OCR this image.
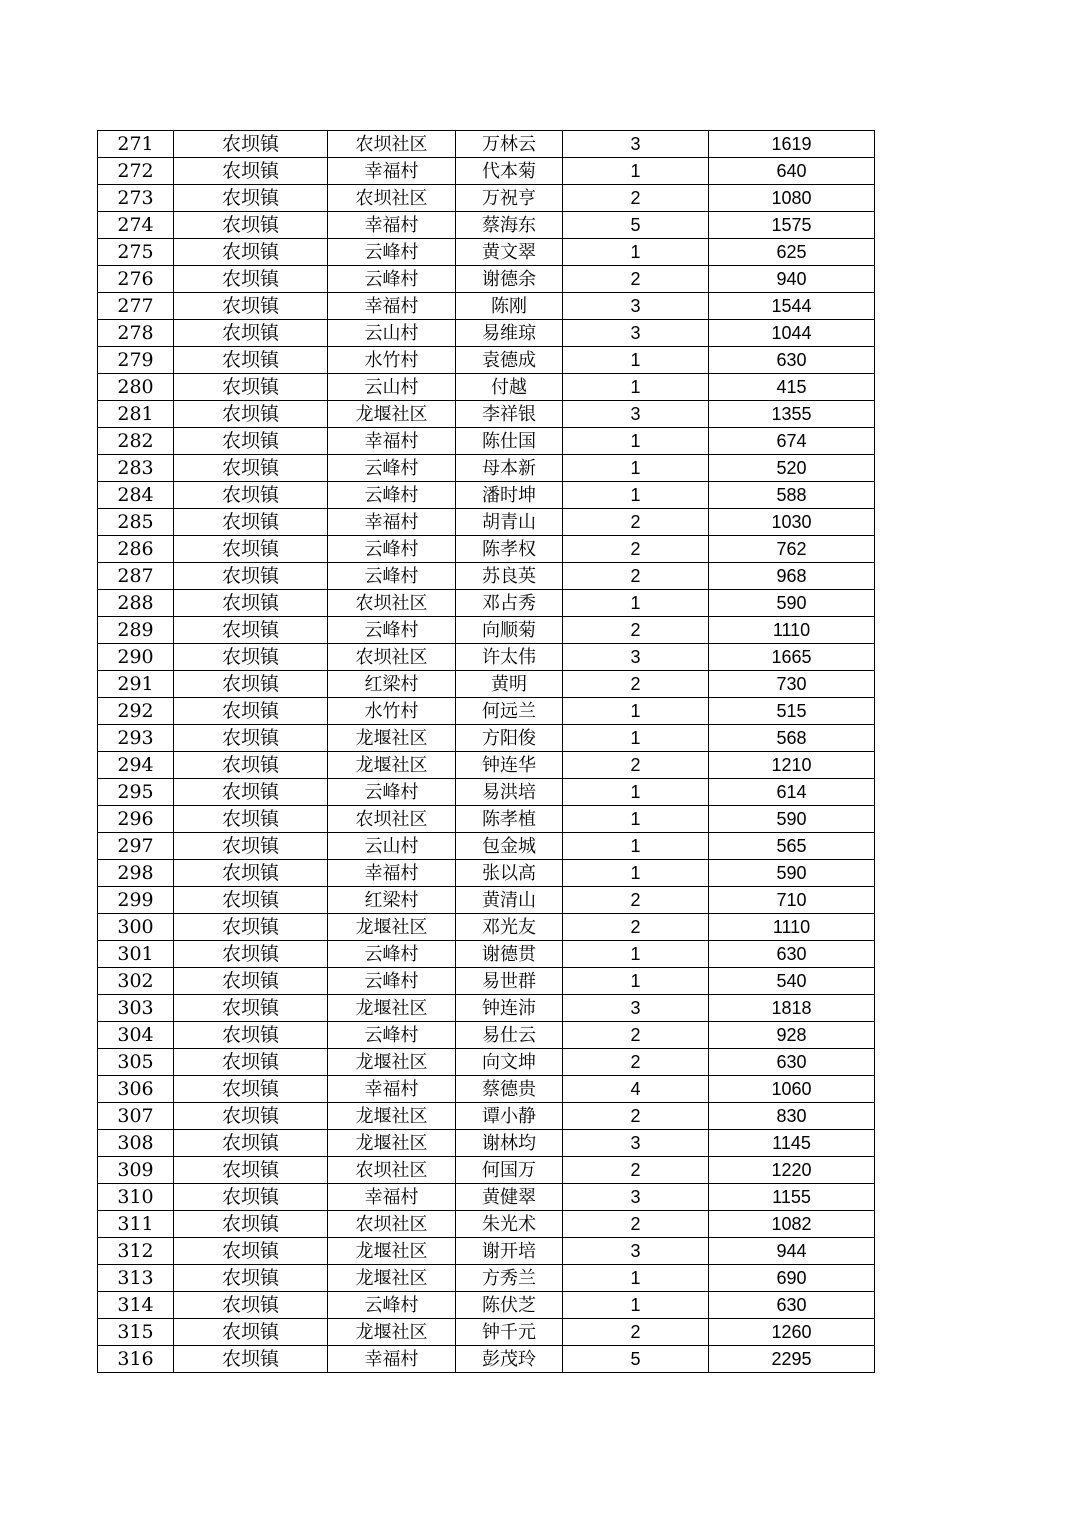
271	农坝镇	农坝社区	万林云	3	1619
272	农坝镇	幸福村	代本菊	1	640
273	农坝镇	农坝社区	万祝亨	2	1080
274	农坝镇	幸福村	蔡海东	5	1575
275	农坝镇	云峰村	黄文翠	1	625
276	农坝镇	云峰村	谢德余	2	940
277	农坝镇	幸福村	陈刚	3	1544
278	农坝镇	云山村	易维琼	3	1044
279	农坝镇	水竹村	袁德成	1	630
280	农坝镇	云山村	付越	1	415
281	农坝镇	龙堰社区	李祥银	3	1355
282	农坝镇	幸福村	陈仕国	1	674
283	农坝镇	云峰村	母本新	1	520
284	农坝镇	云峰村	潘时坤	1	588
285	农坝镇	幸福村	胡青山	2	1030
286	农坝镇	云峰村	陈孝权	2	762
287	农坝镇	云峰村	苏良英	2	968
288	农坝镇	农坝社区	邓占秀	1	590
289	农坝镇	云峰村	向顺菊	2	1110
290	农坝镇	农坝社区	许太伟	3	1665
291	农坝镇	红梁村	黄明	2	730
292	农坝镇	水竹村	何远兰	1	515
293	农坝镇	龙堰社区	方阳俊	1	568
294	农坝镇	龙堰社区	钟连华	2	1210
295	农坝镇	云峰村	易洪培	1	614
296	农坝镇	农坝社区	陈孝植	1	590
297	农坝镇	云山村	包金城	1	565
298	农坝镇	幸福村	张以高	1	590
299	农坝镇	红梁村	黄清山	2	710
300	农坝镇	龙堰社区	邓光友	2	1110
301	农坝镇	云峰村	谢德贯	1	630
302	农坝镇	云峰村	易世群	1	540
303	农坝镇	龙堰社区	钟连沛	3	1818
304	农坝镇	云峰村	易仕云	2	928
305	农坝镇	龙堰社区	向文坤	2	630
306	农坝镇	幸福村	蔡德贵	4	1060
307	农坝镇	龙堰社区	谭小静	2	830
308	农坝镇	龙堰社区	谢林均	3	1145
309	农坝镇	农坝社区	何国万	2	1220
310	农坝镇	幸福村	黄健翠	3	1155
311	农坝镇	农坝社区	朱光术	2	1082
312	农坝镇	龙堰社区	谢开培	3	944
313	农坝镇	龙堰社区	方秀兰	1	690
314	农坝镇	云峰村	陈伏芝	1	630
315	农坝镇	龙堰社区	钟千元	2	1260
316	农坝镇	幸福村	彭茂玲	5	2295
